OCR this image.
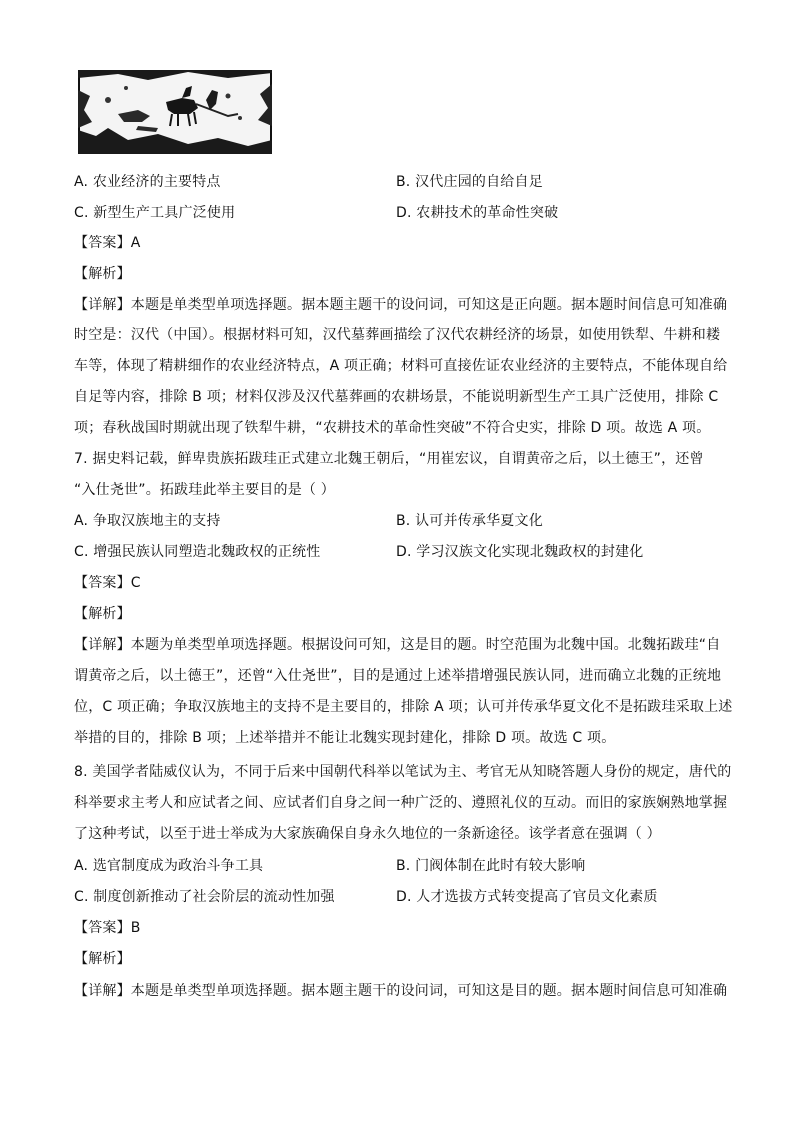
A. 农业经济的主要特点	B. 汉代庄园的自给自足
C. 新型生产工具广泛使用	D. 农耕技术的革命性突破
【答案】A
【解析】
【详解】本题是单类型单项选择题。据本题主题干的设问词，可知这是正向题。据本题时间信息可知准确
时空是：汉代（中国）。根据材料可知，汉代墓葬画描绘了汉代农耕经济的场景，如使用铁犁、牛耕和耧
车等，体现了精耕细作的农业经济特点，A 项正确；材料可直接佐证农业经济的主要特点，不能体现自给
自足等内容，排除 B 项；材料仅涉及汉代墓葬画的农耕场景，不能说明新型生产工具广泛使用，排除 C
项；春秋战国时期就出现了铁犁牛耕，“农耕技术的革命性突破”不符合史实，排除 D 项。故选 A 项。
7. 据史料记载，鲜卑贵族拓跋珪正式建立北魏王朝后，“用崔宏议，自谓黄帝之后，以土德王”，还曾
“入仕尧世”。拓跋珪此举主要目的是（ ）
A. 争取汉族地主的支持	B. 认可并传承华夏文化
C. 增强民族认同塑造北魏政权的正统性	D. 学习汉族文化实现北魏政权的封建化
【答案】C
【解析】
【详解】本题为单类型单项选择题。根据设问可知，这是目的题。时空范围为北魏中国。北魏拓跋珪“自
谓黄帝之后，以土德王”，还曾“入仕尧世”，目的是通过上述举措增强民族认同，进而确立北魏的正统地
位，C 项正确；争取汉族地主的支持不是主要目的，排除 A 项；认可并传承华夏文化不是拓跋珪采取上述
举措的目的，排除 B 项；上述举措并不能让北魏实现封建化，排除 D 项。故选 C 项。
8. 美国学者陆威仪认为，不同于后来中国朝代科举以笔试为主、考官无从知晓答题人身份的规定，唐代的
科举要求主考人和应试者之间、应试者们自身之间一种广泛的、遵照礼仪的互动。而旧的家族娴熟地掌握
了这种考试，以至于进士举成为大家族确保自身永久地位的一条新途径。该学者意在强调（ ）
A. 选官制度成为政治斗争工具	B. 门阀体制在此时有较大影响
C. 制度创新推动了社会阶层的流动性加强	D. 人才选拔方式转变提高了官员文化素质
【答案】B
【解析】
【详解】本题是单类型单项选择题。据本题主题干的设问词，可知这是目的题。据本题时间信息可知准确
